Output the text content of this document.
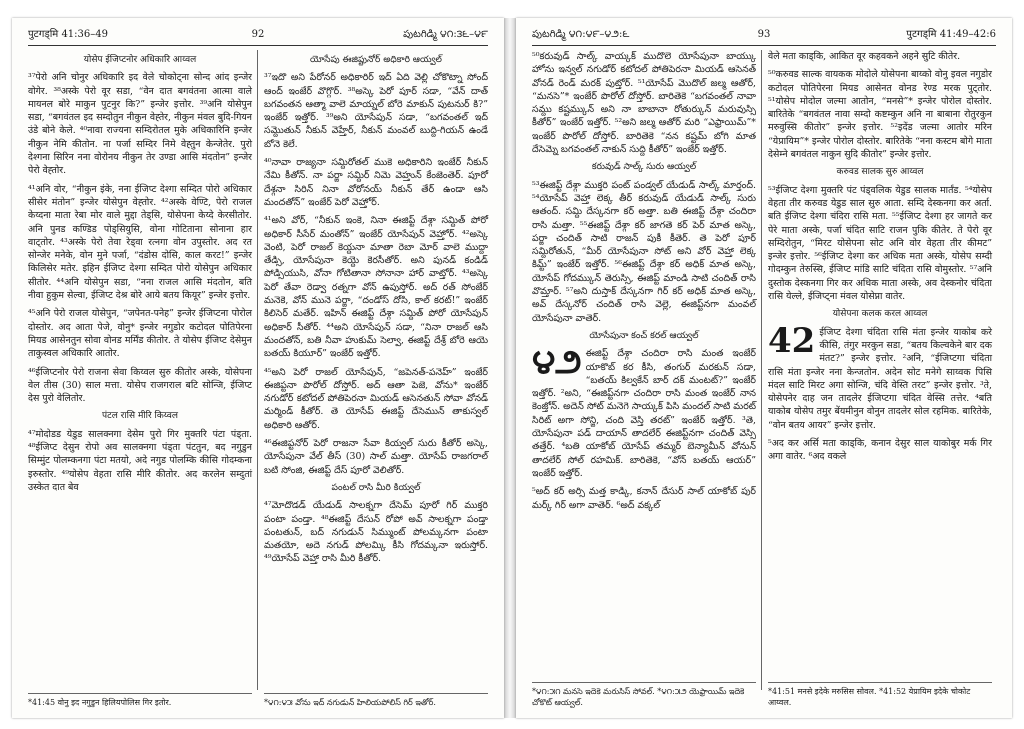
पुटगड्मि 41:36–49	92	పుటగిడ్మి ౪౧:౩౬–౪౯
योसेप ईजिप्टनोर अधिकारि आय्वल

³⁷पेरो अनि चोनुर अधिकारि इद वेले चोकोट्ना सोन्द आंद इन्जेर वोगेर. ³⁸अस्के पेरो वूर सडा, “वेन दात बगवंतना आत्मा वाले मायनल बोरे माकुन पुटनुर कि?” इन्जेर इत्तोर. ³⁹अनि योसेपुन सडा, “बगवंतल इद सम्दोतुन नीकुन वेह्तेर, नीकुन मंवल बुदि-गियन उंडे बोने केले. ⁴⁰नावा राज्यना सम्दिरोतल मुके अधिकारिनि इन्जेर नीकुन नेमि कीतोन. ना पर्जा सम्दिर निमे वेह्तुन केन्जेतेर. पुरो देश्गना सिरिन नना वोरोनय नीकुन तेर उण्डा आसि मंदतोन” इन्जेर पेरो वेह्तोर.

⁴¹अनि वोर, “नीकुन इंके, नना ईजिप्ट देश्गा सम्दित पोरो अधिकार सीसेर मंतोन” इन्जेर योसेपुन वेह्तोर. ⁴²अस्के वेण्टि, पेरो राजल केय्दना माता रेबा मोर वाले मुद्दा तेड्सि, योसेपना केय्दे केरसीतोर. अनि पुनड कण्डिड पोड्सियुसि, वोना गोटिताना सोनाना हार वाट्तोर. ⁴³अस्के पेरो तेवा रेड्वा रत्नगा वोन उपुस्तोर. अद रत सोन्जेर मनेके, वोन मुने पर्जा, “दंडोस दोसि, काल करट!” इन्जेर किलिसेर मतेर. इहिन ईजिप्ट देश्गा सम्दित पोरो योसेपुन अधिकार सीतोर. ⁴⁴अनि योसेपुन सडा, “नना राजल आसि मंदतोन, बति नीवा हुकुम सेल्वा, ईजिप्ट देश्र बोरे आये बतय कियूर” इन्जेर इत्तोर.

⁴⁵अनि पेरो राजल योसेपुन, “जपेनत-पनेह” इन्जेर ईजिप्टना पोरोल दोस्तोर. अद आता पेजे, वोनु* इन्जेर नगुडोर कटोदल पोतिपेरना मियड आसेनतुन सोवा वोनड मर्मिंड कीतोर. ते योसेप ईजिप्ट देसेमुन ताकुस्वल अधिकारि आतोर.

⁴⁶ईजिप्टनोर पेरो राजना सेवा किय्वल सुरु कीतोर अस्के, योसेपना वेल तीस (30) साल मत्ता. योसेप राजगराल बटि सोन्जि, ईजिप्ट देस पुरो वेलितोर.

पंटल रासि मीरि किय्वल

⁴⁷मोदोडड येडुड सालक्नगा देसेम पुरो गिर मुक्तरि पंटा पंड्ता. ⁴⁸ईजिप्ट देसुन रोपो अव सालक्नगा पंड्ता पंटतुन, बद नगुडुन सिम्मुंट पोलम्कनगा पंटा मतयो, अदे नगुड पोलम्कि कीसि गोदम्कना इरुस्तोर. ⁴⁹योसेप वेहता रासि मीरि कीतोर. अद करलेन सम्दुतां उस्केत दात बेव

*41:45 वोनु इद नगुडुन हिलियपोलिस गिर इतोर.
యోసేపు ఈజిప్టునోర్ అధికారి ఆయ్వల్

³⁷ఇదొ అని పేరోనర్ అధికారిర్ ఇద్ ఏది వెల్లి చోకొట్నా సోంద్ ఆంద్ ఇంజేర్ వొగ్గొర్. ³⁸అస్కె పెరో పూర్ సడా, “వేన్ దాత్ బగవంతన ఆత్మా వాలె మాయ్నల్ బోరె మాకున్ పుటనుర్ కి?” ఇంజేర్ ఇత్తోర్. ³⁹అని యోసేపున్ సడా, “బగవంతల్ ఇద్ సమ్దొతున్ నీకున్ వెహ్తేర్, నీకున్ మంవల్ బుద్ది-గియన్ ఉండే బోనె కెలే.

⁴⁰నావా రాజ్యనా సమ్దిరోతల్ ముకె అధికారిని ఇంజేర్ నీకున్ నేమి కీతోన్. నా పర్జా సమ్దిర్ నిమె వెహ్తున్ కేంజెంతెర్. పూరో దేశ్గనా సిరిన్ నినా వోరోనయ్ నీకున్ తేర్ ఉండా ఆసి మందతోన్” ఇంజేర్ పెరో వెహ్తోర్.

⁴¹అని వోర్, “నీకున్ ఇంకె, నినా ఈజిప్ట్ దేశ్గా సమ్దిత్ పోరో అధికార్ సీసేర్ మంతోన్” ఇంజేర్ యోసేపున్ వెహ్తోర్. ⁴²అస్కె వెంటి, పెరో రాజల్ కెయ్దనా మాతా రెబా మోర్ వాలె ముద్దా తేడ్సి, యోసేపునా కెయ్దె కెరసీతోర్. అని పునడ్ కండిడ్ పోడ్సియుసి, వోనా గోటితానా సోనానా హార్ వాట్తోర్. ⁴³అస్కె పెరో తేవా రెడ్వా రత్నగా వోన్ ఉపుస్తోర్. అద్ రత్ సోంజేర్ మనెకె, వోన్ మునె పర్జా, “దండోస్ దోసి, కాల్ కరట్!” ఇంజేర్ కిలిసెర్ మతేర్. ఇహిన్ ఈజిప్ట్ దేశ్గా సమ్దిత్ పోరో యోసేపున్ అధికార్ సీతోర్. ⁴⁴అని యోసేపున్ సడా, “నినా రాజల్ ఆసి మందతోన్, బతి నీవా హుకుమ్ సెల్వా, ఈజిప్ట్ దేశ్ర్ బోరె ఆయె బతయ్ కియూర్” ఇంజేర్ ఇత్తోర్.

⁴⁵అని పెరో రాజల్ యోసేపున్, “జపెనత్-పనెహ్” ఇంజేర్ ఈజిప్టనా పొరోల్ దోస్తోర్. అద్ ఆతా పెజె, వోను* ఇంజేర్ నగుడోర్ కటోదల్ పోతిపెరనా మియడ్ ఆసెనతున్ సోవా వోనడ్ మర్మిండ్ కీతోర్. తె యోసేప్ ఈజిప్ట్ దేసెమున్ తాకుస్వల్ అధికారి ఆతోర్.

⁴⁶ఈజిప్టనోర్ పెరో రాజనా సేవా కియ్వల్ సురు కీతోర్ అస్కె, యోసేపునా వేల్ తీస్ (30) సాల్ మత్తా. యోసేప్ రాజగరాల్ బటి సోంజి, ఈజిప్ట్ దేస్ పూరో వెలితోర్.

పంటల్ రాసి మీరి కియ్వల్

⁴⁷మోదొడడ్ యేడుడ్ సాలక్నగా దేసెమ్ పూరో గిర్ ముక్తరి పంటా పండ్తా. ⁴⁸ఈజిప్ట్ దేసున్ రోపో అవ్ సాలక్నగా పండ్తా పంటతున్, బద్ నగుడున్ సిమ్ముంట్ పోలమ్కనగా పంటా మతయో, అదె నగుడ్ పోలమ్కి కీసి గోదమ్కనా ఇరుస్తోర్. ⁴⁹యోసేప్ వెహ్తా రాసి మీరి కీతోర్.

*౪౧:౪౫ వోను ఇద్ నగుడున్ హిలియపోలిస్ గిర్ ఇతోర్.
పుటగిడ్మి ౪౧:౪౯–౪౨:౬	93	पुटगड्मि 41:49–42:6

⁵⁰కరువుడ్ సాల్క్ వాయ్కక్ ముదొలె యోసేపునా బాయ్కు హోను ఇన్వల్ నగుడోర్ కటోదల్ పోతిపెరనా మియడ్ ఆసెనత్ వోనడ్ రెండ్ మరక్ పుట్తోర్. ⁵¹యోసేప్ మొదొల్ జల్మ ఆతోర్, “మనసె”* ఇంజేర్ పొరోల్ దోస్తోర్. బారితెకె “బగవంతల్ నావా సమ్దు కష్టమ్కున్ అని నా బాబానా రోతుర్కున్ మరువుస్సి కీతోర్” ఇంజేర్ ఇత్తోర్. ⁵²అని జల్మ ఆతోర్ మరి “ఎఫ్రాయిమ్”* ఇంజేర్ పొరోల్ దోస్తోర్. బారితెకె “నన కష్టమ్ బోగి మాత దేసెమ్నె బగవంతల్ నాకున్ సుద్ది కీతోర్” ఇంజేర్ ఇత్తోర్.

కరువుడ్ సాల్క్ సురు ఆయ్వల్

⁵³ఈజిప్ట్ దేశ్గా ముక్తరి పంట్ పండ్వల్ యేడుడ్ సాల్క్ మార్తంద్. ⁵⁴యోసేప్ వెహ్తా లెక్క తీర్ కరువుడ్ యేడుడ్ సాల్క్ సురు ఆతంద్. సమ్ది దేస్కనగా కర్ అత్తా. బతి ఈజిప్ట్ దేశ్గా చందిరా రాసి మత్తా. ⁵⁵ఈజిప్ట్ దేశ్గా కర్ జాగతె కర్ పెర్ మాత అస్కె, పర్జా చందిత్ సాటి రాజన్ పుకీ కీతెర్. తె పెరో పూర్ సమ్దిరోతున్, “మీర్ యోసేపునా సోట్ అని వోర్ వెహ్తా లెక్క కిమ్ట్” ఇంజేర్ ఇత్తోర్. ⁵⁶ఈజిప్ట్ దేశ్గా కర్ అధిక్ మాత అస్కె, యోసేప్ గోదమ్కున్ తెరుస్సి, ఈజిప్ట్ మాండి సాటి చందిత్ రాసి వొమ్తార్. ⁵⁷అని దుస్తాక్ దేస్కనగా గిర్ కర్ అధిక్ మాత అస్కె, అవ్ దేస్కనోర్ చందిత్ రాసి వెల్లె, ఈజిప్ట్‌నగా మంవల్ యోసేపునా వాతెర్.

యోసేపునా కంచ్ కరల్ ఆయ్వల్

౪౨ ఈజిప్ట్ దేశ్గా చందిరా రాసి మంత ఇంజేర్ యాకొబ్ కర కీసి, తంగుర్ మరకున్ సడా, “బతయ్ కిల్వకేన్ బార్ దక్ మంటట్?” ఇంజేర్ ఇత్తోర్. ²అని, “ఈజిప్ట్‌నగా చందిరా రాసి మంత ఇంజేర్ నాన కెంజ్తోన్. అదెన్ సోట్ మనెగె సాయ్కక్ పిసి మందల్ సాటి మరట్ సిరిట్ అగా సోన్జి, చంది వెస్తి తరట్” ఇంజేర్ ఇత్తోర్. ³తె, యోసేపునా పడ్ దాయాన్ తాదలేర్ ఈజిప్ట్‌నగా చందిత్ వెస్సి తత్తేర్. ⁴బతి యాకోబ్ యోసేప్ తమ్మర్ బెన్యామీన్ వోనున్ తాదలేర్ సోల్ రహమిక్. బారితెకె, “వోన్ బతయ్ ఆయర్” ఇంజేర్ ఇత్తోర్.

⁵అద్ కర్ అర్సి మత్త కాడ్కి, కనాన్ దేసుర్ సాల్ యాకోబ్ పుర్ మర్క్ గిర్ అగా వాతెర్. ⁶అద్ వక్కల్

*౪౧:౫౧ మనసె ఇదెకె మరుసిస్ సోవల్. *౪౧:౫౨ యెఫ్రాయిమ్ ఇదెకె చోకొట్ ఆయ్వల్.

वेले मता काड्कि, आकित वूर कहवकने अहने सुटि कीतेर.

⁵⁰करुवड साल्क वायकक मोदोले योसेपना बाय्को वोनु इवल नगुडोर कटोदल पोतिपेरना मियड आसेनत वोनड रेण्ड मरक पुट्तोर. ⁵¹योसेप मोदोल जल्मा आतोन, “मनसे”* इन्जेर पोरोल दोस्तोर. बारितेके “बगवंतल नावा सम्दो कष्टम्कुन अनि ना बाबाना रोतुरकुन मरुवुस्सि कीतोर” इन्जेर इत्तोर. ⁵²इदेंड जल्मा आतोर मरिन “येप्रायिम”* इन्जेर पोरोल दोस्तोर. बारितेके “नना कस्टम बोगे माता देसेम्ने बगवंतल नाकुन सुदि कीतोर” इन्जेर इत्तोर.

करुवड सालक सुरु आय्वल

⁵³ईजिप्ट देश्गा मुक्तरि पंट पंड्वलिक येडुड सालक मार्तंड. ⁵⁴योसेप वेहता तीर करुवड येडुड साल सुरु आता. सम्दि देस्कनगा कर अर्ता. बति ईजिप्ट देश्गा चंदिरा रासि मता. ⁵⁵ईजिप्ट देश्गा हर जागते कर पेरे माता अस्के, पर्जा चंदित साटि राजन पुकि कीतेर. ते पेरो वूर सम्दिरोतुन, “मिरट योसेपना सोट अनि वोर वेहता तीर कीमट” इन्जेर इत्तोर. ⁵⁶ईजिप्ट देश्गा कर अधिक मता अस्के, योसेप सम्दी गोदम्कुन तेरुस्सि, ईजिप्ट मांडि साटि चंदिता रासि वोमुस्तोर. ⁵⁷अनि दुस्तोक देस्कनगा गिर कर अधिक माता अस्के, अव देस्कनोर चंदिता रासि येल्ले, ईजिप्ट्ना मंवल योसेप्ना वातेर.

योसेपना कलक करल आय्वल

42 ईजिप्ट देश्गा चंदिता रासि मंता इन्जेर याकोब करे कीसि, तंगुर मरकुन सडा, “बतय किल्वकेने बार दक मंतट?” इन्जेर इत्तोर. ²अनि, “ईजिप्टगा चंदिता रासि मंता इन्जेर नना केन्जतोन. अदेन सोट मनेगे साय्वक पिसि मंदल साटि मिरट अगा सोन्जि, चंदि वेस्ति तरट” इन्जेर इत्तोर. ³ते, योसेपनेर दाह जन तादलेर ईजिप्टगा चंदित वेस्सि तत्तेर. ⁴बति याकोब योसेप तमुर बेंयमीनुन वोनुन तादलेर सोल रहमिक. बारितेके, “वोन बतय आयर” इन्जेर इत्तोर.

⁵अद कर अर्सि मता काड्कि, कनान देसुर साल याकोबुर मर्क गिर अगा वातेर. ⁶अद वकले

*41:51 मनसे इदेके मरुसिस सोवल. *41:52 येप्रायिम इदेके चोकोट आय्वल.
